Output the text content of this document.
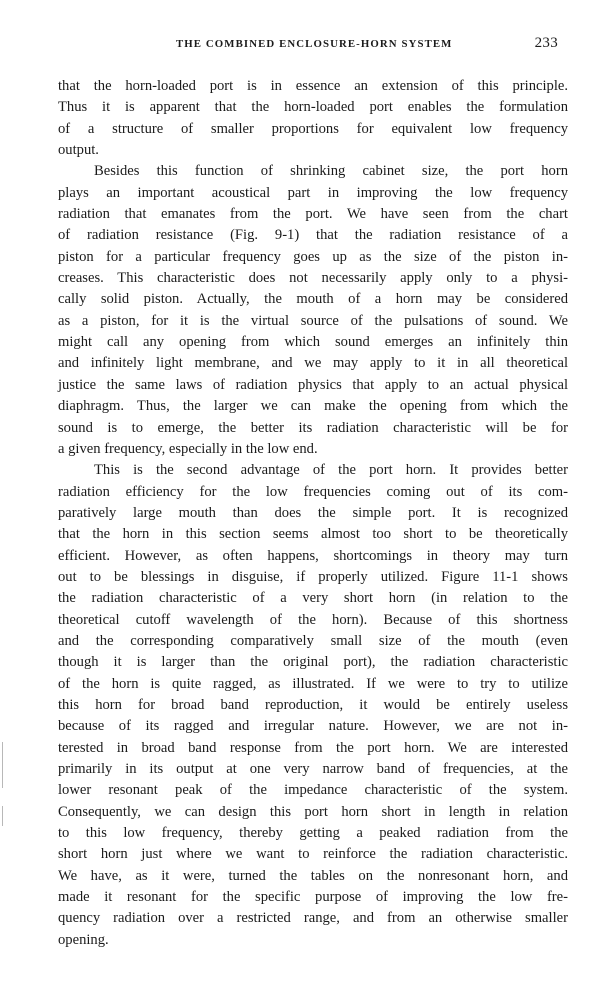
THE COMBINED ENCLOSURE-HORN SYSTEM	233
that the horn-loaded port is in essence an extension of this principle.
Thus it is apparent that the horn-loaded port enables the formulation
of a structure of smaller proportions for equivalent low frequency
output.
Besides this function of shrinking cabinet size, the port horn
plays an important acoustical part in improving the low frequency
radiation that emanates from the port. We have seen from the chart
of radiation resistance (Fig. 9-1) that the radiation resistance of a
piston for a particular frequency goes up as the size of the piston in-
creases. This characteristic does not necessarily apply only to a physi-
cally solid piston. Actually, the mouth of a horn may be considered
as a piston, for it is the virtual source of the pulsations of sound. We
might call any opening from which sound emerges an infinitely thin
and infinitely light membrane, and we may apply to it in all theoretical
justice the same laws of radiation physics that apply to an actual physical
diaphragm. Thus, the larger we can make the opening from which the
sound is to emerge, the better its radiation characteristic will be for
a given frequency, especially in the low end.
This is the second advantage of the port horn. It provides better
radiation efficiency for the low frequencies coming out of its com-
paratively large mouth than does the simple port. It is recognized
that the horn in this section seems almost too short to be theoretically
efficient. However, as often happens, shortcomings in theory may turn
out to be blessings in disguise, if properly utilized. Figure 11-1 shows
the radiation characteristic of a very short horn (in relation to the
theoretical cutoff wavelength of the horn). Because of this shortness
and the corresponding comparatively small size of the mouth (even
though it is larger than the original port), the radiation characteristic
of the horn is quite ragged, as illustrated. If we were to try to utilize
this horn for broad band reproduction, it would be entirely useless
because of its ragged and irregular nature. However, we are not in-
terested in broad band response from the port horn. We are interested
primarily in its output at one very narrow band of frequencies, at the
lower resonant peak of the impedance characteristic of the system.
Consequently, we can design this port horn short in length in relation
to this low frequency, thereby getting a peaked radiation from the
short horn just where we want to reinforce the radiation characteristic.
We have, as it were, turned the tables on the nonresonant horn, and
made it resonant for the specific purpose of improving the low fre-
quency radiation over a restricted range, and from an otherwise smaller
opening.
